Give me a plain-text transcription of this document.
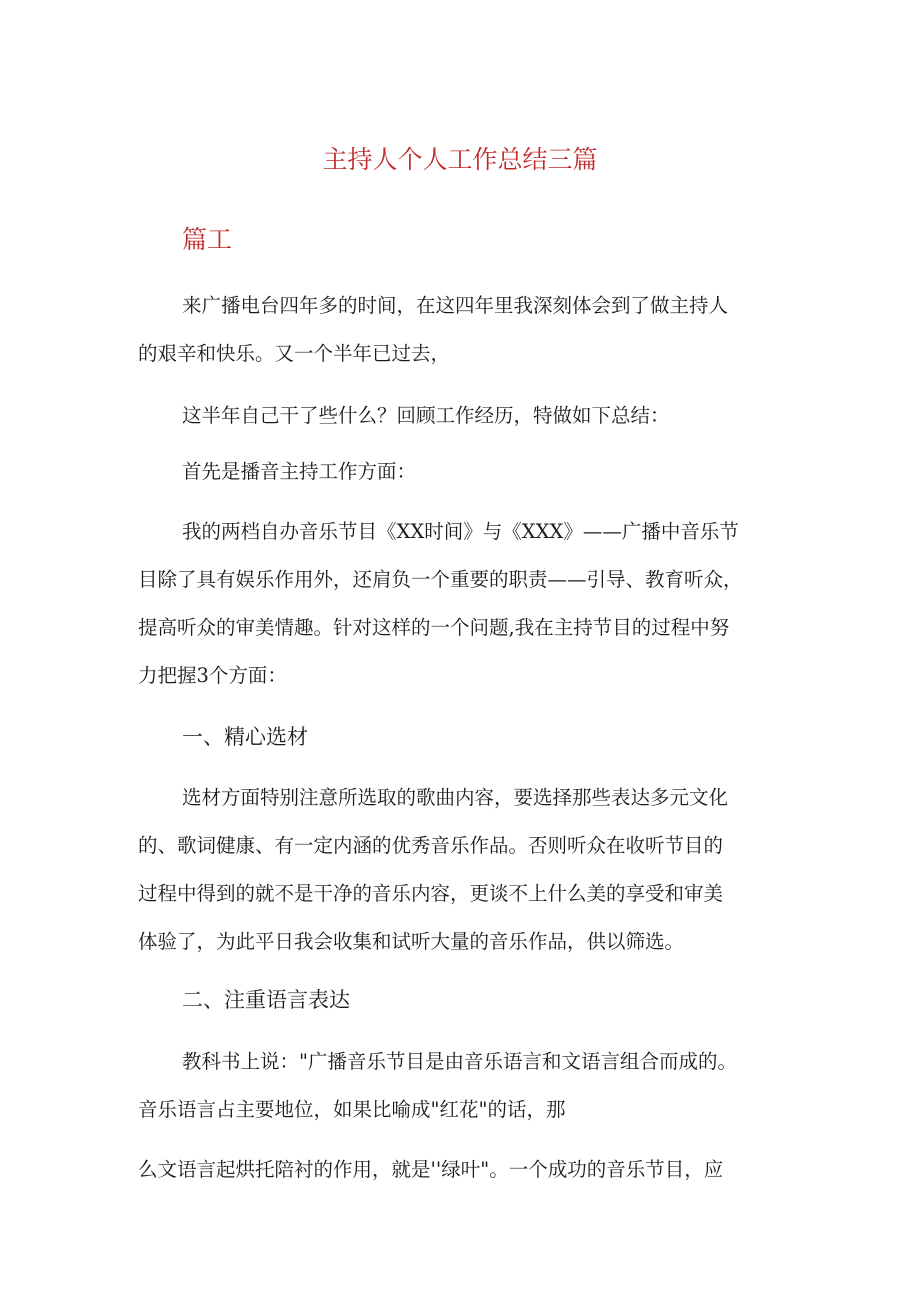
主持人个人工作总结三篇
篇工
来广播电台四年多的时间，在这四年里我深刻体会到了做主持人
的艰辛和快乐。又一个半年已过去，
这半年自己干了些什么？回顾工作经历，特做如下总结：
首先是播音主持工作方面：
我的两档自办音乐节目《XX时间》与《XXX》——广播中音乐节
目除了具有娱乐作用外，还肩负一个重要的职责——引导、教育听众，
提高听众的审美情趣。针对这样的一个问题,我在主持节目的过程中努
力把握3个方面：
一、精心选材
选材方面特别注意所选取的歌曲内容，要选择那些表达多元文化
的、歌词健康、有一定内涵的优秀音乐作品。否则听众在收听节目的
过程中得到的就不是干净的音乐内容，更谈不上什么美的享受和审美
体验了，为此平日我会收集和试听大量的音乐作品，供以筛选。
二、注重语言表达
教科书上说："广播音乐节目是由音乐语言和文语言组合而成的。
音乐语言占主要地位，如果比喻成"红花"的话，那
么文语言起烘托陪衬的作用，就是''绿叶"。一个成功的音乐节目，应
